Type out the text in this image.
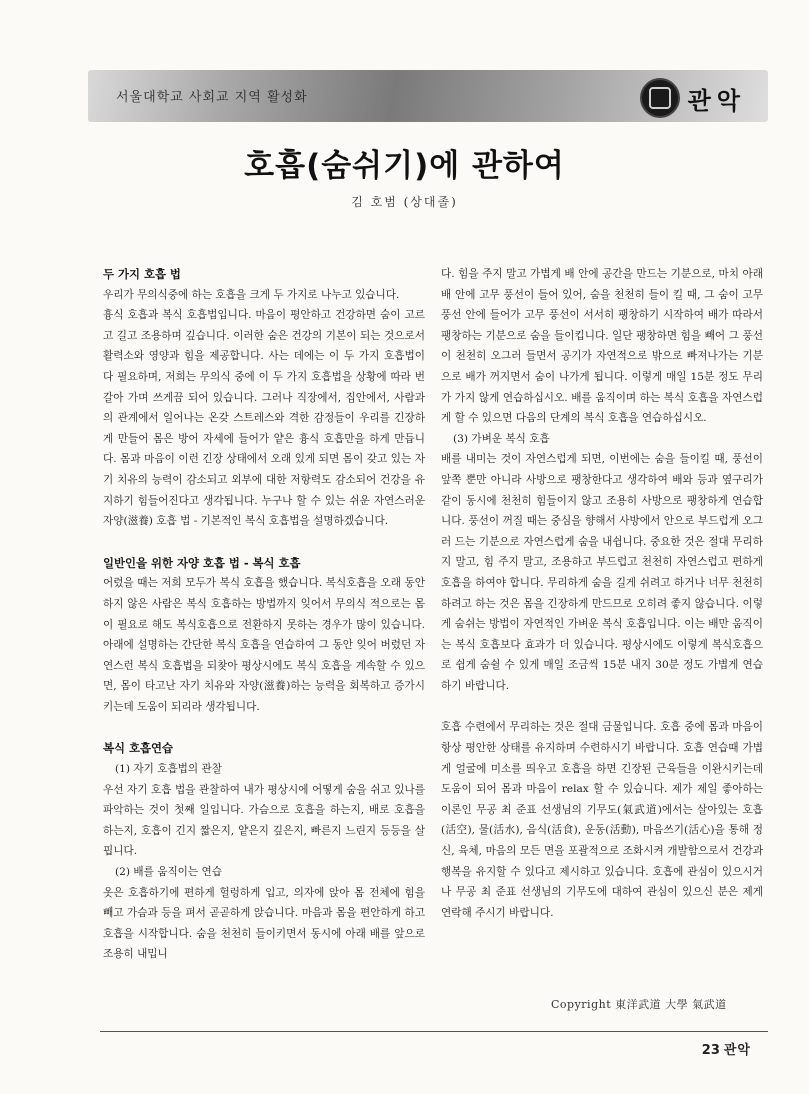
서울대학교 사회교 지역 활성화	관악
호흡(숨쉬기)에 관하여
김 호범 (상대졸)
두 가지 호흡 법

우리가 무의식중에 하는 호흡을 크게 두 가지로 나누고 있습니다.

흉식 호흡과 복식 호흡법입니다. 마음이 평안하고 건강하면 숨이 고르고 길고 조용하며 깊습니다. 이러한 숨은 건강의 기본이 되는 것으로서 활력소와 영양과 힘을 제공합니다. 사는 데에는 이 두 가지 호흡법이 다 필요하며, 저희는 무의식 중에 이 두 가지 호흡법을 상황에 따라 번갈아 가며 쓰게끔 되어 있습니다. 그러나 직장에서, 집안에서, 사람과의 관계에서 일어나는 온갖 스트레스와 격한 감정들이 우리를 긴장하게 만들어 몸은 방어 자세에 들어가 얕은 흉식 호흡만을 하게 만듭니다. 몸과 마음이 이런 긴장 상태에서 오래 있게 되면 몸이 갖고 있는 자기 치유의 능력이 감소되고 외부에 대한 저항력도 감소되어 건강을 유지하기 힘들어진다고 생각됩니다. 누구나 할 수 있는 쉬운 자연스러운 자양(滋養) 호흡 법 - 기본적인 복식 호흡법을 설명하겠습니다.

일반인을 위한 자양 호흡 법 - 복식 호흡

어렸을 때는 저희 모두가 복식 호흡을 했습니다. 복식호흡을 오래 동안 하지 않은 사람은 복식 호흡하는 방법까지 잊어서 무의식 적으로는 몸이 필요로 해도 복식호흡으로 전환하지 못하는 경우가 많이 있습니다. 아래에 설명하는 간단한 복식 호흡을 연습하여 그 동안 잊어 버렸던 자연스런 복식 호흡법을 되찾아 평상시에도 복식 호흡을 계속할 수 있으면, 몸이 타고난 자기 치유와 자양(滋養)하는 능력을 회복하고 증가시키는데 도움이 되리라 생각됩니다.

복식 호흡연습

(1) 자기 호흡법의 관찰

우선 자기 호흡 법을 관찰하여 내가 평상시에 어떻게 숨을 쉬고 있나를 파악하는 것이 첫째 일입니다. 가슴으로 호흡을 하는지, 배로 호흡을 하는지, 호흡이 긴지 짧은지, 얕은지 깊은지, 빠른지 느린지 등등을 살핍니다.

(2) 배를 움직이는 연습

옷은 호흡하기에 편하게 헐렁하게 입고, 의자에 앉아 몸 전체에 힘을 빼고 가슴과 등을 펴서 곧곧하게 앉습니다. 마음과 몸을 편안하게 하고 호흡을 시작합니다. 숨을 천천히 들이키면서 동시에 아래 배를 앞으로 조용히 내밉니

다. 힘을 주지 말고 가볍게 배 안에 공간을 만드는 기분으로, 마치 아래 배 안에 고무 풍선이 들어 있어, 숨을 천천히 들이 킬 때, 그 숨이 고무 풍선 안에 들어가 고무 풍선이 서서히 팽창하기 시작하여 배가 따라서 팽창하는 기분으로 숨을 들이킵니다. 일단 팽창하면 힘을 빼어 그 풍선이 천천히 오그러 들면서 공기가 자연적으로 밖으로 빠져나가는 기분으로 배가 꺼지면서 숨이 나가게 됩니다. 이렇게 매일 15분 정도 무리가 가지 않게 연습하십시오. 배를 움직이며 하는 복식 호흡을 자연스럽게 할 수 있으면 다음의 단계의 복식 호흡을 연습하십시오.

(3) 가벼운 복식 호흡

배를 내미는 것이 자연스럽게 되면, 이번에는 숨을 들이킬 때, 풍선이 앞쪽 뿐만 아니라 사방으로 팽창한다고 생각하여 배와 등과 옆구리가 같이 동시에 천천히 힘들이지 않고 조용히 사방으로 팽창하게 연습합니다. 풍선이 꺼질 때는 중심을 향해서 사방에서 안으로 부드럽게 오그러 드는 기분으로 자연스럽게 숨을 내쉽니다. 중요한 것은 절대 무리하지 말고, 힘 주지 말고, 조용하고 부드럽고 천천히 자연스럽고 편하게 호흡을 하여야 합니다. 무리하게 숨을 길게 쉬려고 하거나 너무 천천히 하려고 하는 것은 몸을 긴장하게 만드므로 오히려 좋지 않습니다. 이렇게 숨쉬는 방법이 자연적인 가벼운 복식 호흡입니다. 이는 배만 움직이는 복식 호흡보다 효과가 더 있습니다. 평상시에도 이렇게 복식호흡으로 쉽게 숨쉴 수 있게 매일 조금씩 15분 내지 30분 정도 가볍게 연습하기 바랍니다.

호흡 수련에서 무리하는 것은 절대 금물입니다. 호흡 중에 몸과 마음이 항상 평안한 상태를 유지하며 수련하시기 바랍니다. 호흡 연습때 가볍게 얼굴에 미소를 띄우고 호흡을 하면 긴장된 근육들을 이완시키는데 도움이 되어 몸과 마음이 relax 할 수 있습니다. 제가 제일 좋아하는 이론인 무공 최 준표 선생님의 기무도(氣武道)에서는 살아있는 호흡(活空), 물(活水), 음식(活食), 운동(活動), 마음쓰기(活心)을 통해 정신, 육체, 마음의 모든 면을 포괄적으로 조화시켜 개발함으로서 건강과 행복을 유지할 수 있다고 제시하고 있습니다. 호흡에 관심이 있으시거나 무공 최 준표 선생님의 기무도에 대하여 관심이 있으신 분은 제게 연락해 주시기 바랍니다.

Copyright 東洋武道 大學 氣武道
23 관악
